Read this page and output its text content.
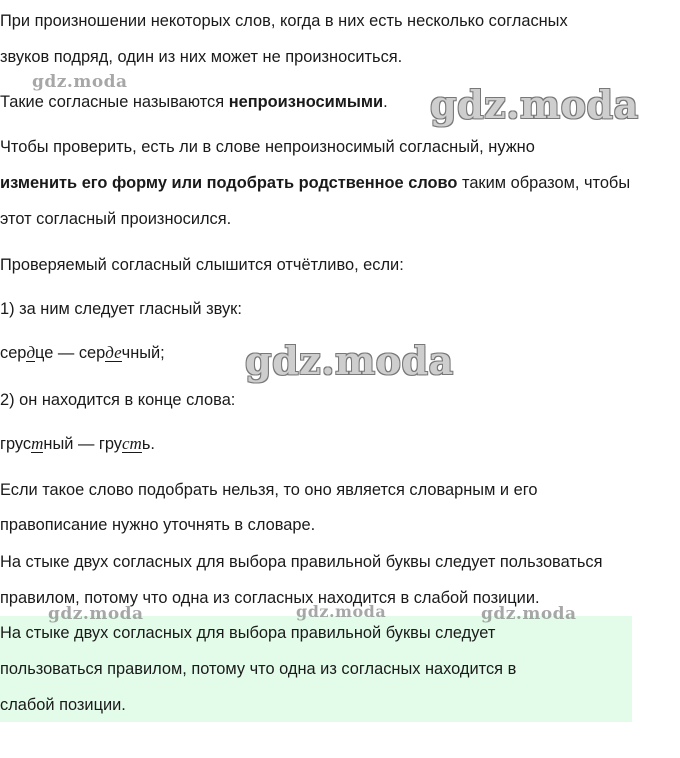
При произношении некоторых слов, когда в них есть несколько согласных

звуков подряд, один из них может не произноситься.

Такие согласные называются непроизносимыми.

Чтобы проверить, есть ли в слове непроизносимый согласный, нужно

изменить его форму или подобрать родственное слово таким образом, чтобы

этот согласный произносился.

Проверяемый согласный слышится отчётливо, если:

1) за ним следует гласный звук:

сердце — сердечный;

2) он находится в конце слова:

грустный — грусть.

Если такое слово подобрать нельзя, то оно является словарным и его

правописание нужно уточнять в словаре.

На стыке двух согласных для выбора правильной буквы следует пользоваться

правилом, потому что одна из согласных находится в слабой позиции.

На стыке двух согласных для выбора правильной буквы следует

пользоваться правилом, потому что одна из согласных находится в

слабой позиции.

gdz.moda	gdz.moda
gdz.moda
gdz.moda	gdz.moda	gdz.moda
